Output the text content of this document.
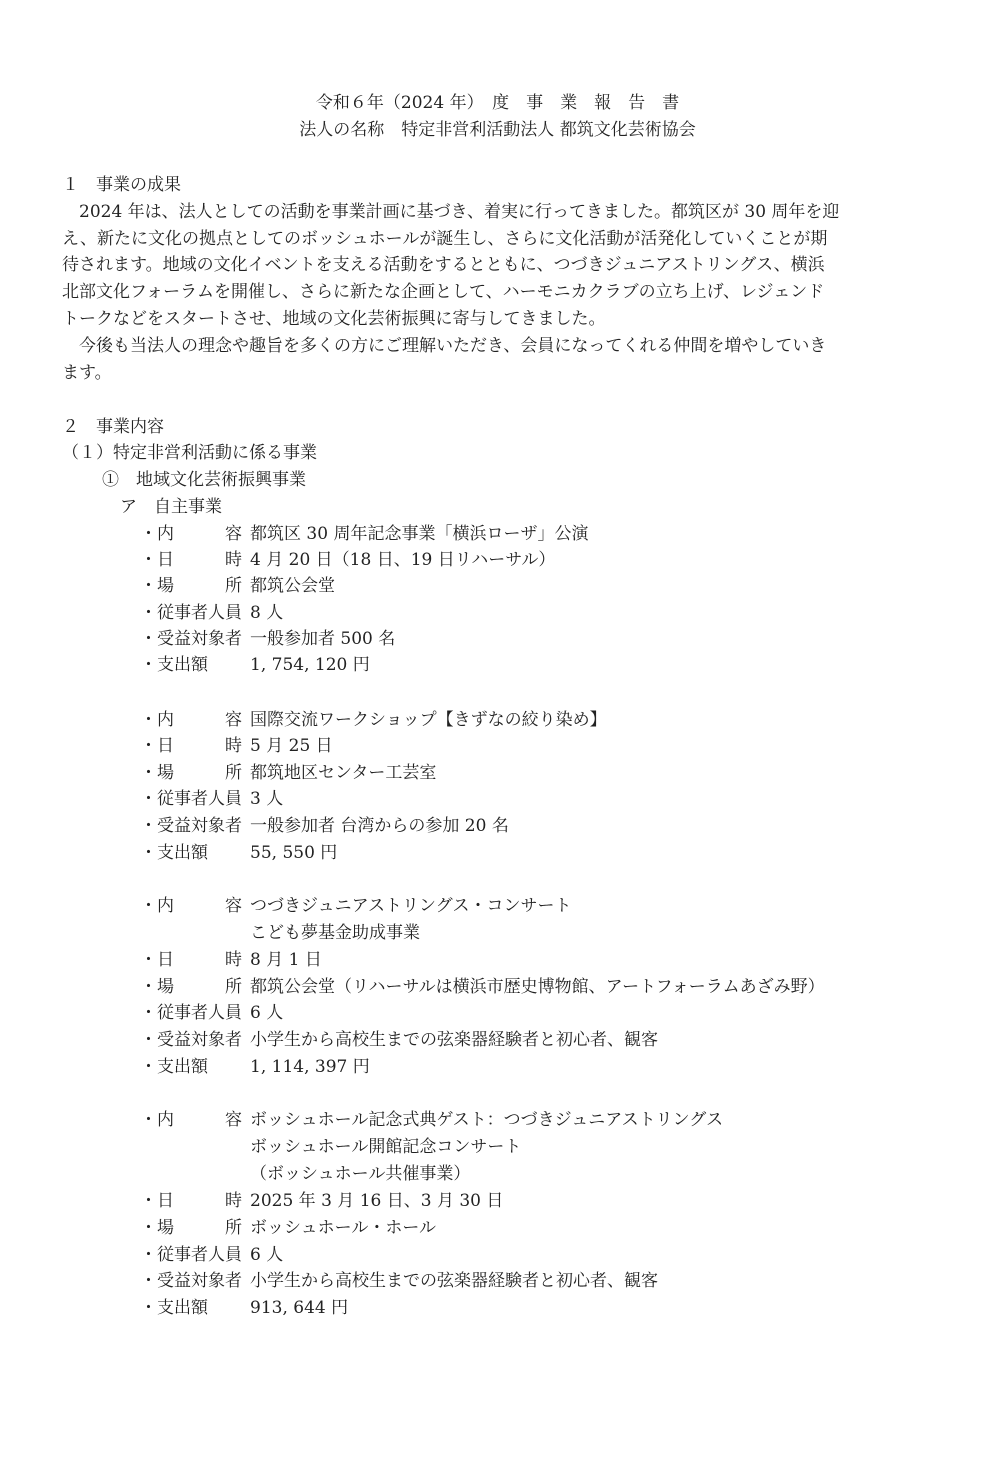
令和６年（2024 年）　度　事　業　報　告　書
法人の名称　特定非営利活動法人 都筑文化芸術協会
１　事業の成果
　2024 年は、法人としての活動を事業計画に基づき、着実に行ってきました。都筑区が 30 周年を迎
え、新たに文化の拠点としてのボッシュホールが誕生し、さらに文化活動が活発化していくことが期
待されます。地域の文化イベントを支える活動をするとともに、つづきジュニアストリングス、横浜
北部文化フォーラムを開催し、さらに新たな企画として、ハーモニカクラブの立ち上げ、レジェンド
トークなどをスタートさせ、地域の文化芸術振興に寄与してきました。
　今後も当法人の理念や趣旨を多くの方にご理解いただき、会員になってくれる仲間を増やしていき
ます。
２　事業内容
（１）特定非営利活動に係る事業
①　地域文化芸術振興事業
ア　自主事業
・内　　　容 都筑区 30 周年記念事業「横浜ローザ」公演
・日　　　時 4 月 20 日（18 日、19 日リハーサル）
・場　　　所 都筑公会堂
・従事者人員 8 人
・受益対象者 一般参加者 500 名
・支出額 1, 754, 120 円
・内　　　容 国際交流ワークショップ【きずなの絞り染め】
・日　　　時 5 月 25 日
・場　　　所 都筑地区センター工芸室
・従事者人員 3 人
・受益対象者 一般参加者 台湾からの参加 20 名
・支出額 55, 550 円
・内　　　容 つづきジュニアストリングス・コンサート
こども夢基金助成事業
・日　　　時 8 月 1 日
・場　　　所 都筑公会堂（リハーサルは横浜市歴史博物館、アートフォーラムあざみ野）
・従事者人員 6 人
・受益対象者 小学生から高校生までの弦楽器経験者と初心者、観客
・支出額 1, 114, 397 円
・内　　　容 ボッシュホール記念式典ゲスト：つづきジュニアストリングス
ボッシュホール開館記念コンサート
（ボッシュホール共催事業）
・日　　　時 2025 年 3 月 16 日、3 月 30 日
・場　　　所 ボッシュホール・ホール
・従事者人員 6 人
・受益対象者 小学生から高校生までの弦楽器経験者と初心者、観客
・支出額 913, 644 円
